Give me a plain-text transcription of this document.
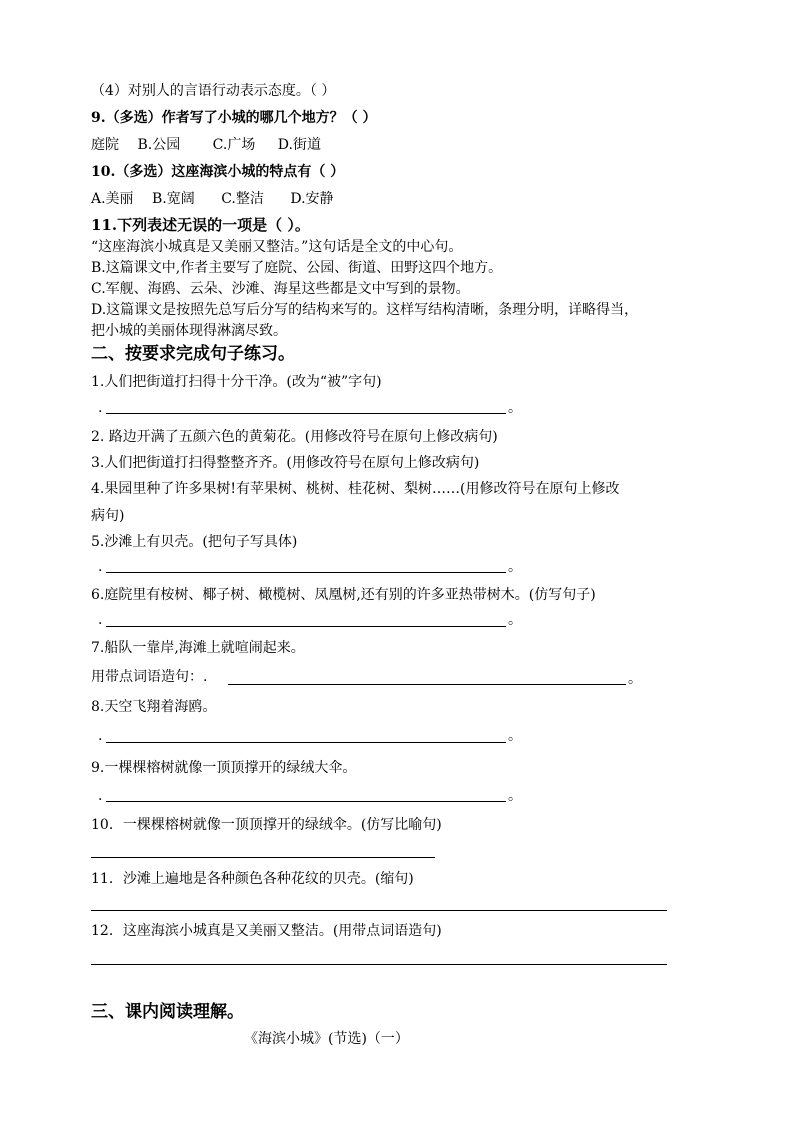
（4）对别人的言语行动表示态度。（ ）
9.（多选）作者写了小城的哪几个地方？（ ）
庭院 B.公园 C.广场 D.街道
10.（多选）这座海滨小城的特点有（ ）
A.美丽 B.宽阔 C.整洁 D.安静
11.下列表述无误的一项是（ ）。
“这座海滨小城真是又美丽又整洁。”这句话是全文的中心句。
B.这篇课文中,作者主要写了庭院、公园、街道、田野这四个地方。
C.军舰、海鸥、云朵、沙滩、海星这些都是文中写到的景物。
D.这篇课文是按照先总写后分写的结构来写的。这样写结构清晰，条理分明，详略得当，
把小城的美丽体现得淋漓尽致。
二、按要求完成句子练习。
1.人们把街道打扫得十分干净。(改为“被”字句)
.	。
2. 路边开满了五颜六色的黄菊花。(用修改符号在原句上修改病句)
3.人们把街道打扫得整整齐齐。(用修改符号在原句上修改病句)
4.果园里种了许多果树!有苹果树、桃树、桂花树、梨树……(用修改符号在原句上修改
病句)
5.沙滩上有贝壳。(把句子写具体)
.	。
6.庭院里有桉树、椰子树、橄榄树、凤凰树,还有别的许多亚热带树木。(仿写句子)
.	。
7.船队一靠岸,海滩上就喧闹起来。
用带点词语造句：.	。
8.天空飞翔着海鸥。
.	。
9.一棵棵榕树就像一顶顶撑开的绿绒大伞。
.	。
10．一棵棵榕树就像一顶顶撑开的绿绒伞。(仿写比喻句)
11．沙滩上遍地是各种颜色各种花纹的贝壳。(缩句)
12．这座海滨小城真是又美丽又整洁。(用带点词语造句)
三、课内阅读理解。
《海滨小城》(节选)（一）
